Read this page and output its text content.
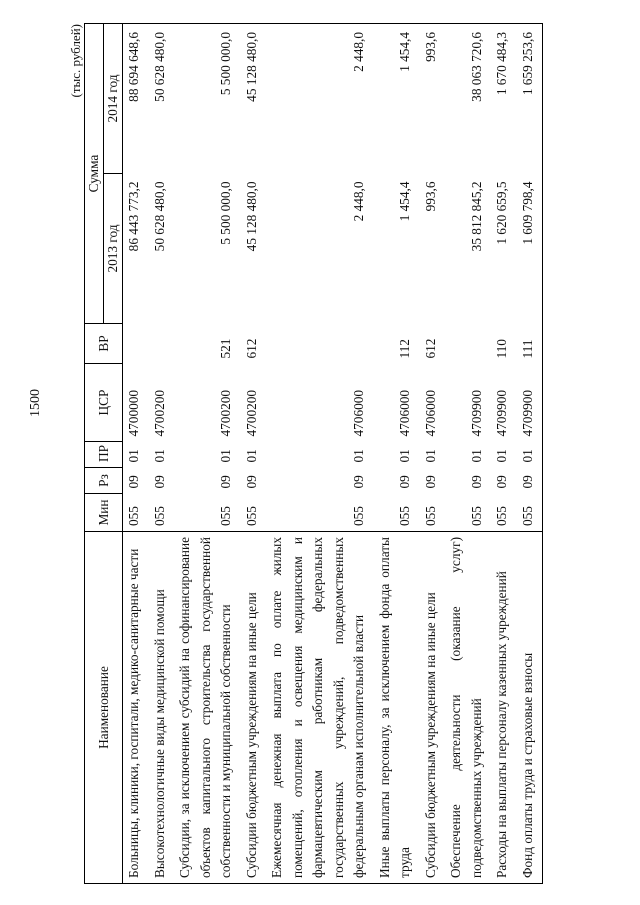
1500
(тыс. рублей)
Наименование	Мин	Рз	ПР	ЦСР	ВР	Сумма	
						2013 год	2014 год
Больницы, клиники, госпитали, медико-санитарные части	055	09	01	4700000		86 443 773,2	88 694 648,6
Высокотехнологичные виды медицинской помощи	055	09	01	4700200		50 628 480,0	50 628 480,0
Субсидии, за исключением субсидий на софинансирование объектов капитального строительства государственной собственности и муниципальной собственности	055	09	01	4700200	521	5 500 000,0	5 500 000,0
Субсидии бюджетным учреждениям на иные цели	055	09	01	4700200	612	45 128 480,0	45 128 480,0
Ежемесячная денежная выплата по оплате жилых помещений, отопления и освещения медицинским и фармацевтическим работникам федеральных государственных учреждений, подведомственных федеральным органам исполнительной власти	055	09	01	4706000		2 448,0	2 448,0
Иные выплаты персоналу, за исключением фонда оплаты труда	055	09	01	4706000	112	1 454,4	1 454,4
Субсидии бюджетным учреждениям на иные цели	055	09	01	4706000	612	993,6	993,6
Обеспечение деятельности (оказание услуг) подведомственных учреждений	055	09	01	4709900		35 812 845,2	38 063 720,6
Расходы на выплаты персоналу казенных учреждений	055	09	01	4709900	110	1 620 659,5	1 670 484,3
Фонд оплаты труда и страховые взносы	055	09	01	4709900	111	1 609 798,4	1 659 253,6
